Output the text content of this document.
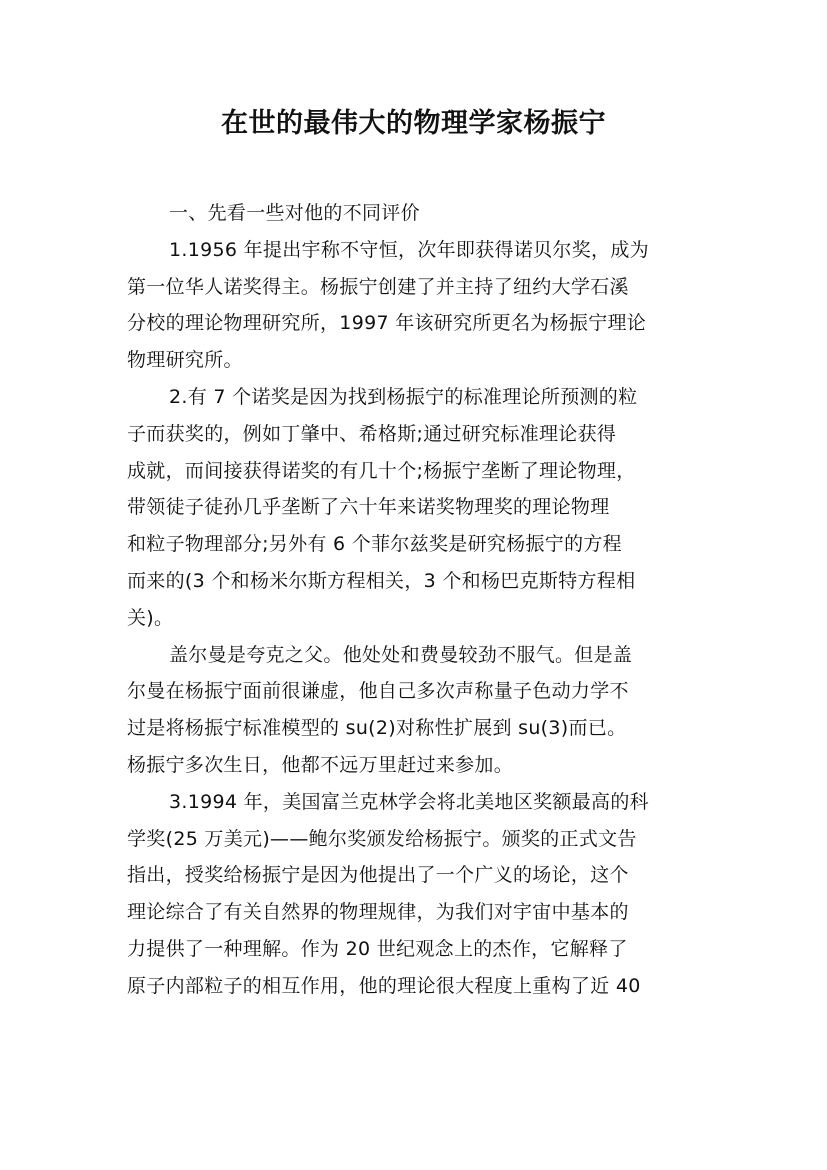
在世的最伟大的物理学家杨振宁
一、先看一些对他的不同评价
1.1956 年提出宇称不守恒，次年即获得诺贝尔奖，成为
第一位华人诺奖得主。杨振宁创建了并主持了纽约大学石溪
分校的理论物理研究所，1997 年该研究所更名为杨振宁理论
物理研究所。
2.有 7 个诺奖是因为找到杨振宁的标准理论所预测的粒
子而获奖的，例如丁肇中、希格斯;通过研究标准理论获得
成就，而间接获得诺奖的有几十个;杨振宁垄断了理论物理，
带领徒子徒孙几乎垄断了六十年来诺奖物理奖的理论物理
和粒子物理部分;另外有 6 个菲尔兹奖是研究杨振宁的方程
而来的(3 个和杨米尔斯方程相关，3 个和杨巴克斯特方程相
关)。
盖尔曼是夸克之父。他处处和费曼较劲不服气。但是盖
尔曼在杨振宁面前很谦虚，他自己多次声称量子色动力学不
过是将杨振宁标准模型的 su(2)对称性扩展到 su(3)而已。
杨振宁多次生日，他都不远万里赶过来参加。
3.1994 年，美国富兰克林学会将北美地区奖额最高的科
学奖(25 万美元)——鲍尔奖颁发给杨振宁。颁奖的正式文告
指出，授奖给杨振宁是因为他提出了一个广义的场论，这个
理论综合了有关自然界的物理规律，为我们对宇宙中基本的
力提供了一种理解。作为 20 世纪观念上的杰作，它解释了
原子内部粒子的相互作用，他的理论很大程度上重构了近 40
